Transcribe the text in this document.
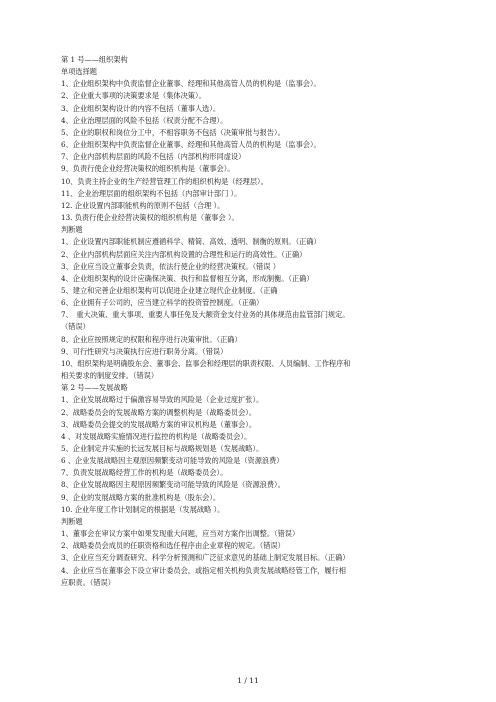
第 1 号——组织架构
单项选择题
1、企业组织架构中负责监督企业董事、经理和其他高管人员的机构是（监事会）。
2、企业重大事项的决策要求是（集体决策）。
3、企业组织架构设计的内容不包括（董事人选）。
4、企业治理层面的风险不包括（权责分配不合理）。
5、企业的职权和岗位分工中，不相容职务不包括（决策审批与报告）。
6、企业组织架构中负责监督企业董事、经理和其他高管人员的机构是（监事会）。
7、企业内部机构层面的风险不包括（内部机构形同虚设）
9、负责行使企业经营决策权的组织机构是（董事会）。
10、负责主持企业的生产经营管理工作的组织机构是（经理层）。
11、企业治理层面的组织架构不包括（内部审计部门 ）。
12. 企业设置内部职能机构的原则不包括（合理 ）。
13. 负责行使企业经营决策权的组织机构是（董事会 ）。
判断题
1、企业设置内部职能机制应遵循科学、精简、高效、透明、制衡的原则。（正确）
2、企业内部机构层面应关注内部机构设置的合理性和运行的高效性。（正确）
3、企业应当设立董事会负责，依法行使企业的经营决策权。（错误 ）
4、企业组织架构的设计应确保决策、执行和监督相互分离，形成制衡。（正确）
5、建立和完善企业组织架构可以促进企业建立现代企业制度。（正确
6、企业拥有子公司的，应当建立科学的投资管控制度。（正确）
7、　重大决策、重大事项、重要人事任免及大额资金支付业务的具体规范由监管部门规定。
（错误）
8、企业应按照规定的权限和程序进行决策审批。（正确）
9、可行性研究与决策执行应进行职务分离。（错误）
10、组织架构是明确股东会、董事会、监事会和经理层的职责权限、人员编制、工作程序和
相关要求的制度安排。（错误）
第 2 号——发展战略
1、企业发展战略过于偏激容易导致的风险是（企业过度扩张）。
2、战略委员会的发展战略方案的调整机构是（战略委员会）。
3、战略委员会提交的发展战略方案的审议机构是（董事会）。
4 、对发展战略实施情况进行监控的机构是（战略委员会）。
5、企业制定并实施的长远发展目标与战略规划是（发展战略）。
6 、企业发展战略因主观原因频繁变动可能导致的风险是（资源浪费）
7、负责发展战略经营工作的机构是（战略委员会）。
8、企业发展战略因主观原因频繁变动可能导致的风险是（资源浪费）。
9、企业的发展战略方案的批准机构是（股东会）。
10. 企业年度工作计划制定的根据是（发展战略 ）。
判断题
1、董事会在审议方案中如果发现重大问题，应当对方案作出调整。（错误）
2、战略委员会成员的任职资格和选任程序由企业章程的规定。（错误）
3、企业应当充分调查研究、科学分析预测和广泛征求意见的基础上制定发展目标。（正确）
4、企业应当在董事会下设立审计委员会，或指定相关机构负责发展战略经管工作，履行相
应职责。（错误）
1 / 11
